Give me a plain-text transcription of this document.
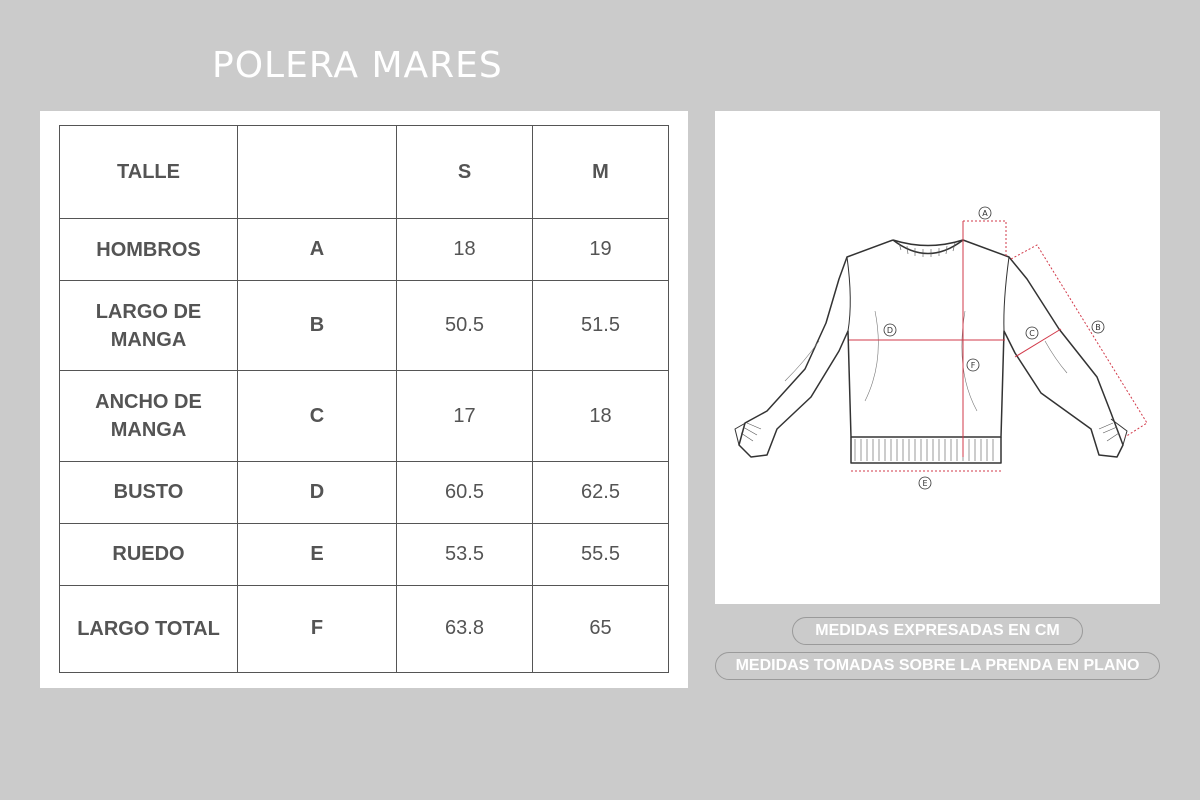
POLERA MARES
TALLE		S	M
HOMBROS	A	18	19
LARGO DE MANGA	B	50.5	51.5
ANCHO DE MANGA	C	17	18
BUSTO	D	60.5	62.5
RUEDO	E	53.5	55.5
LARGO TOTAL	F	63.8	65
A
B
C
D
E
F
MEDIDAS EXPRESADAS EN CM
MEDIDAS TOMADAS SOBRE LA PRENDA EN PLANO
